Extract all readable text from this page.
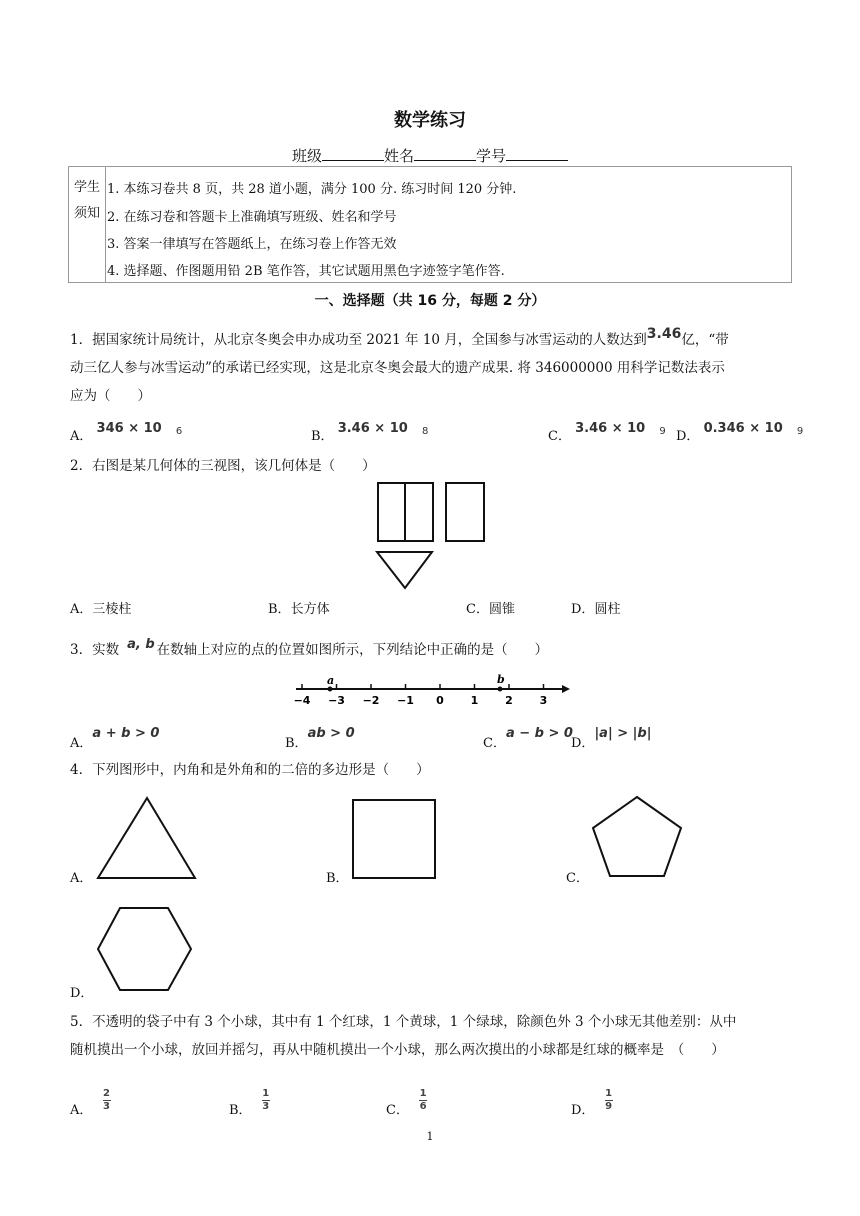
数学练习
班级	姓名	学号
学生
须知
1. 本练习卷共 8 页，共 28 道小题，满分 100 分. 练习时间 120 分钟.
2. 在练习卷和答题卡上准确填写班级、姓名和学号
3. 答案一律填写在答题纸上，在练习卷上作答无效
4. 选择题、作图题用铅 2B 笔作答，其它试题用黑色字迹签字笔作答.
一、选择题（共 16 分，每题 2 分）
1．据国家统计局统计，从北京冬奥会申办成功至 2021 年 10 月，全国参与冰雪运动的人数达到3.46亿，“带
动三亿人参与冰雪运动”的承诺已经实现，这是北京冬奥会最大的遗产成果. 将 346000000 用科学记数法表示
应为（　　）
A． 346 × 10 $^6$	B． 3.46 × 10 $^8$	C． 3.46 × 10 $^9$ D． 0.346 × 10 $^9$
2．右图是某几何体的三视图，该几何体是（　　）
A．三棱柱	B．长方体	C．圆锥	D．圆柱
3．实数 a, b 在数轴上对应的点的位置如图所示，下列结论中正确的是（　　）
−4 −3 −2 −1 0 1 2 3
a	b
A．a + b > 0
B．ab > 0
C．a − b > 0
D．|a| > |b|
4．下列图形中，内角和是外角和的二倍的多边形是（　　）
A．	B．	C．
D．
5．不透明的袋子中有 3 个小球，其中有 1 个红球，1 个黄球，1 个绿球，除颜色外 3 个小球无其他差别：从中
随机摸出一个小球，放回并摇匀，再从中随机摸出一个小球，那么两次摸出的小球都是红球的概率是　（　　）
A． $\frac{2}{3}$	B． $\frac{1}{3}$	C． $\frac{1}{6}$	D． $\frac{1}{9}$
1
